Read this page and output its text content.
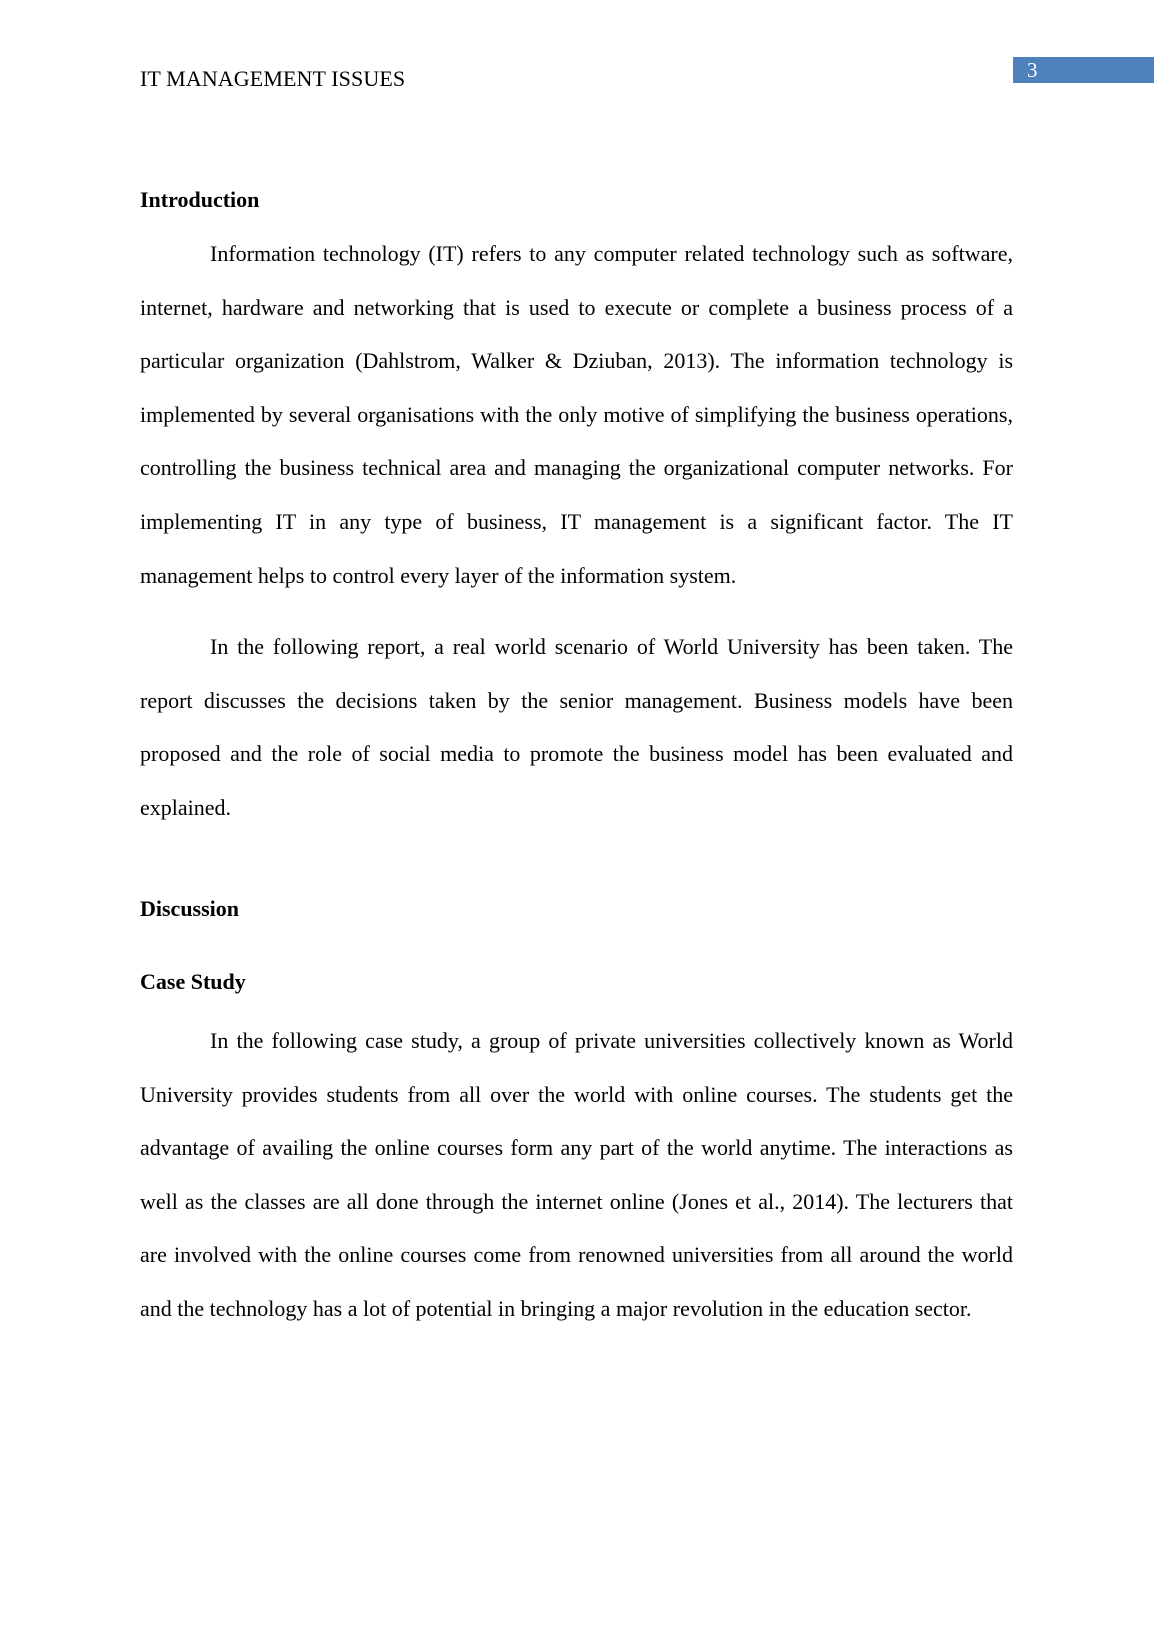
3
IT MANAGEMENT ISSUES
Introduction

Information technology (IT) refers to any computer related technology such as software, internet, hardware and networking that is used to execute or complete a business process of a particular organization (Dahlstrom, Walker & Dziuban, 2013). The information technology is implemented by several organisations with the only motive of simplifying the business operations, controlling the business technical area and managing the organizational computer networks. For implementing IT in any type of business, IT management is a significant factor. The IT management helps to control every layer of the information system.

In the following report, a real world scenario of World University has been taken. The report discusses the decisions taken by the senior management. Business models have been proposed and the role of social media to promote the business model has been evaluated and explained.

Discussion
Case Study

In the following case study, a group of private universities collectively known as World University provides students from all over the world with online courses. The students get the advantage of availing the online courses form any part of the world anytime. The interactions as well as the classes are all done through the internet online (Jones et al., 2014). The lecturers that are involved with the online courses come from renowned universities from all around the world and the technology has a lot of potential in bringing a major revolution in the education sector.
